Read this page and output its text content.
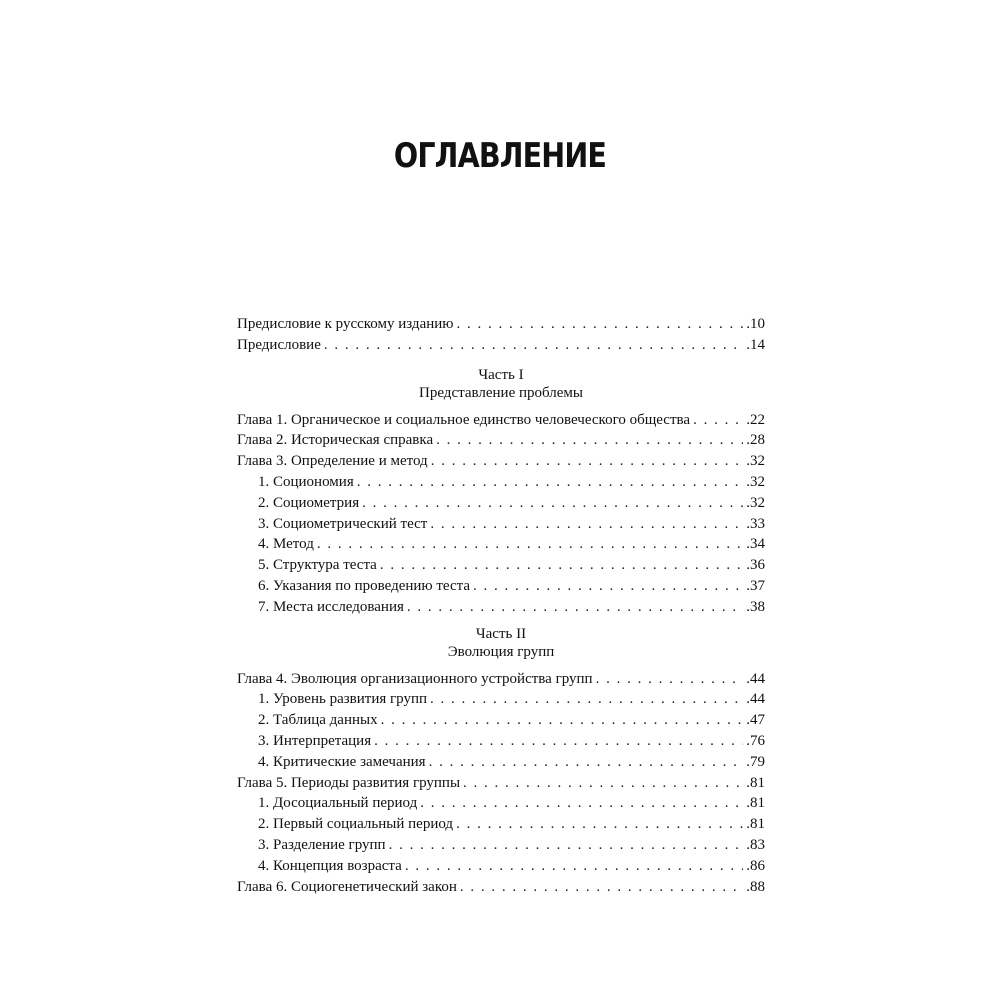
ОГЛАВЛЕНИЕ
Предисловие к русскому изданию . . .	. 10
Предисловие . . .	. 14
Часть I
Представление проблемы
Глава 1. Органическое и социальное единство человеческого общества . . .	. 22
Глава 2. Историческая справка . . .	. 28
Глава 3. Определение и метод . . .	. 32
1. Социономия . . .	. 32
2. Социометрия . . .	. 32
3. Социометрический тест . . .	. 33
4. Метод . . .	. 34
5. Структура теста . . .	. 36
6. Указания по проведению теста . . .	. 37
7. Места исследования . . .	. 38
Часть II
Эволюция групп
Глава 4. Эволюция организационного устройства групп . . .	. 44
1. Уровень развития групп . . .	. 44
2. Таблица данных . . .	. 47
3. Интерпретация . . .	. 76
4. Критические замечания . . .	. 79
Глава 5. Периоды развития группы . . .	. 81
1. Досоциальный период . . .	. 81
2. Первый социальный период . . .	. 81
3. Разделение групп . . .	. 83
4. Концепция возраста . . .	. 86
Глава 6. Социогенетический закон . . .	. 88
